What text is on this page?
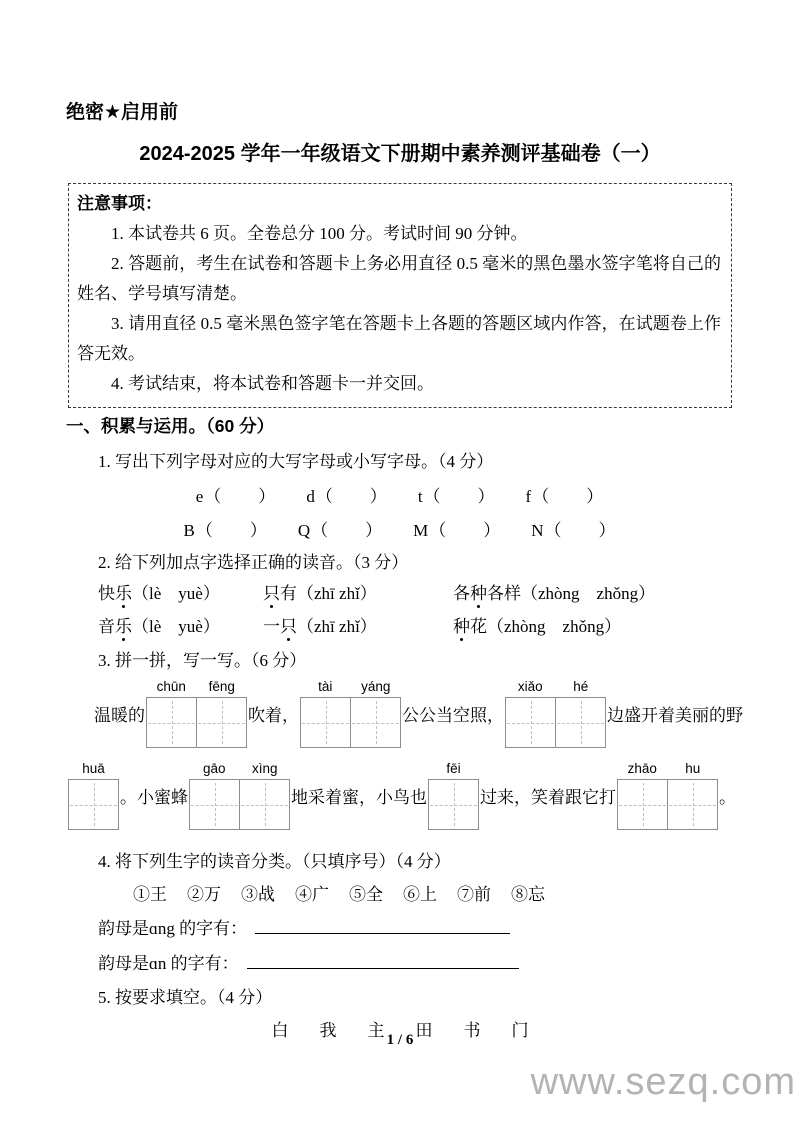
绝密★启用前
2024-2025 学年一年级语文下册期中素养测评基础卷（一）
注意事项：

1. 本试卷共 6 页。全卷总分 100 分。考试时间 90 分钟。

2. 答题前，考生在试卷和答题卡上务必用直径 0.5 毫米的黑色墨水签字笔将自己的姓名、学号填写清楚。

3. 请用直径 0.5 毫米黑色签字笔在答题卡上各题的答题区域内作答，在试题卷上作答无效。

4. 考试结束，将本试卷和答题卡一并交回。

一、积累与运用。（60 分）

1. 写出下列字母对应的大写字母或小写字母。（4 分）

e（　　） d（　　） t（　　） f（　　）
B（　　） Q（　　） M（　　） N（　　）

2. 给下列加点字选择正确的读音。（3 分）

快乐（lè　yuè）	只有（zhī zhǐ）	各种各样（zhòng　zhǒng）
音乐（lè　yuè）	一只（zhī zhǐ）	种花（zhòng　zhǒng）

3. 拼一拼，写一写。（6 分）

温暖的
chūn	fēng
吹着，
tài	yáng
公公当空照，
xiǎo	hé
边盛开着美丽的野
huā
。小蜜蜂
gāo	xìng
地采着蜜，小鸟也
fēi
过来，笑着跟它打
zhāo	hu
。

4. 将下列生字的读音分类。（只填序号）（4 分）

①王 ②万 ③战 ④广 ⑤全 ⑥上 ⑦前 ⑧忘

韵母是ɑng 的字有：

韵母是ɑn 的字有：

5. 按要求填空。（4 分）

白 我 主 田 书 门
1 / 6
www.sezq.com
